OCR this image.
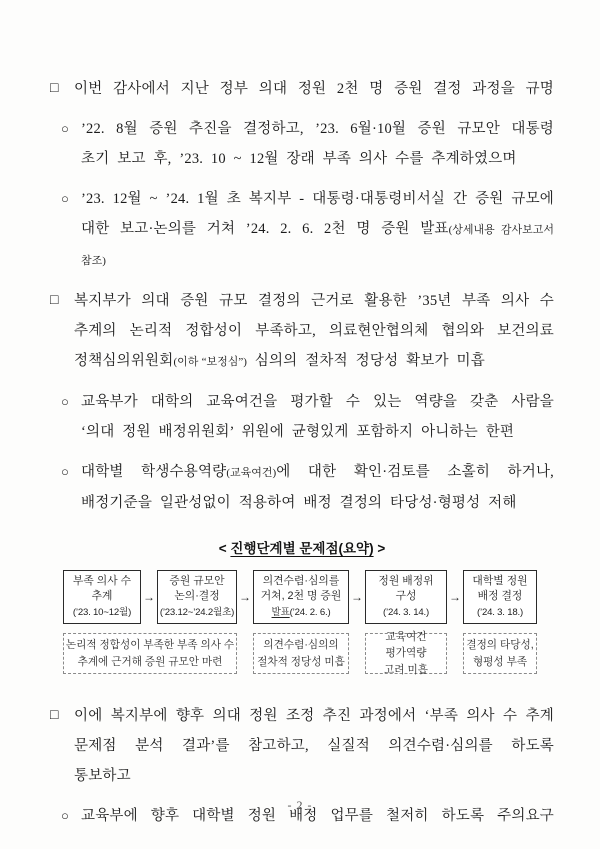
□	이번 감사에서 지난 정부 의대 정원 2천 명 증원 결정 과정을 규명
○ ’22. 8월 증원 추진을 결정하고, ’23. 6월·10월 증원 규모안 대통령 초기 보고 후, ’23. 10 ~ 12월 장래 부족 의사 수를 추계하였으며
○ ’23. 12월 ~ ’24. 1월 초 복지부 - 대통령·대통령비서실 간 증원 규모에 대한 보고·논의를 거쳐 ’24. 2. 6. 2천 명 증원 발표(상세내용 감사보고서 참조)
□	복지부가 의대 증원 규모 결정의 근거로 활용한 ’35년 부족 의사 수 추계의 논리적 정합성이 부족하고, 의료현안협의체 협의와 보건의료 정책심의위원회(이하 “보정심”) 심의의 절차적 정당성 확보가 미흡
○ 교육부가 대학의 교육여건을 평가할 수 있는 역량을 갖춘 사람을 ‘의대 정원 배정위원회’ 위원에 균형있게 포함하지 아니하는 한편
○ 대학별 학생수용역량(교육여건)에 대한 확인·검토를 소홀히 하거나, 배정기준을 일관성없이 적용하여 배정 결정의 타당성·형평성 저해
< 진행단계별 문제점(요약) >
부족 의사 수
추계
(’23. 10~12월)
→
증원 규모안
논의·결정
(’23.12~’24.2월초)
→
의견수렴·심의를
거쳐, 2천 명 증원
발표(’24. 2. 6.)
→
정원 배정위
구성
(’24. 3. 14.)
→
대학별 정원
배정 결정
(’24. 3. 18.)
논리적 정합성이 부족한 부족 의사 수
추계에 근거해 증원 규모안 마련
의견수렴·심의의
절차적 정당성 미흡
교육여건 평가역량
고려 미흡
결정의 타당성,
형평성 부족
□	이에 복지부에 향후 의대 정원 조정 추진 과정에서 ‘부족 의사 수 추계 문제점 분석 결과’를 참고하고, 실질적 의견수렴·심의를 하도록 통보하고
○ 교육부에 향후 대학별 정원 배정 업무를 철저히 하도록 주의요구
- 2 -
